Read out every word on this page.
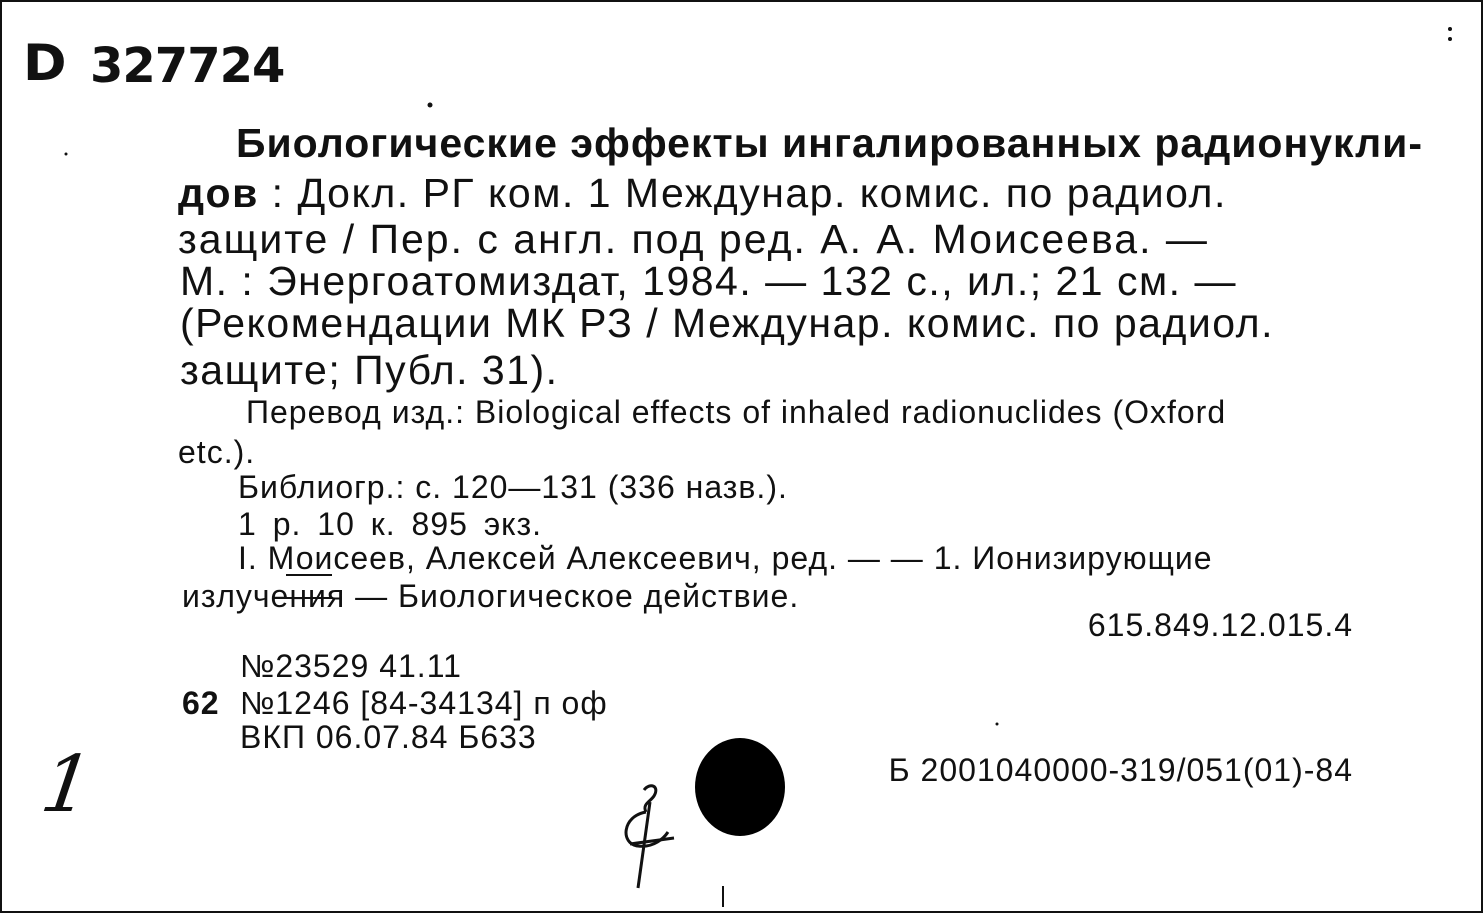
D 327724
Биологические эффекты ингалированных радионукли-
дов : Докл. РГ ком. 1 Междунар. комис. по радиол.
защите / Пер. с англ. под ред. А. А. Моисеева. —
М. : Энергоатомиздат, 1984. — 132 с., ил.; 21 см. —
(Рекомендации МК РЗ / Междунар. комис. по радиол.
защите; Публ. 31).
Перевод изд.: Biological effects of inhaled radionuclides (Oxford
etc.).
Библиогр.: с. 120—131 (336 назв.).
1 р. 10 к. 895 экз.
I. Моисеев, Алексей Алексеевич, ред. — — 1. Ионизирующие
излучения — Биологическое действие.
615.849.12.015.4
№23529 41.11
62 №1246 [84-34134] п оф
ВКП 06.07.84 Б633
Б 2001040000-319/051(01)-84
1
